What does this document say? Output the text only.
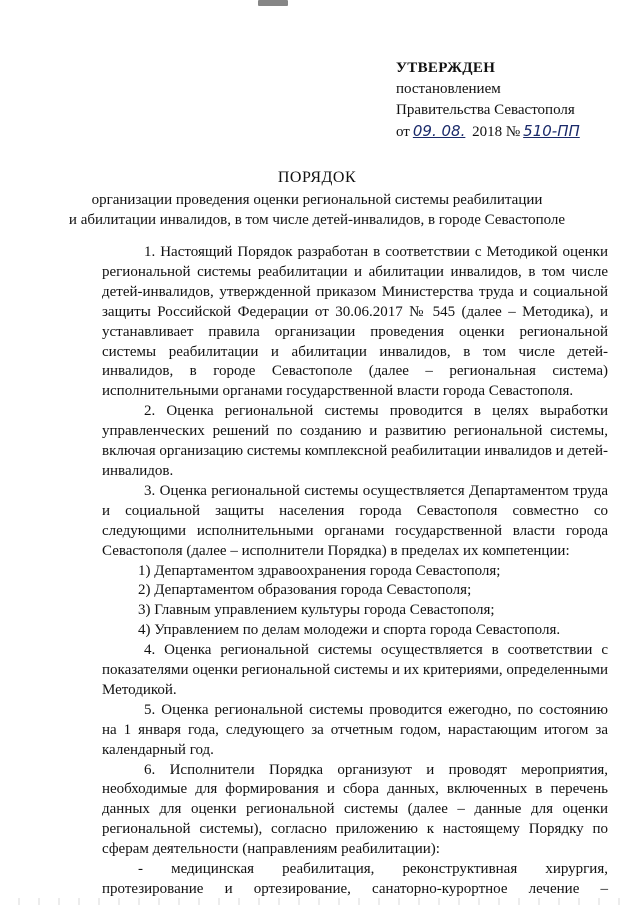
УТВЕРЖДЕН
постановлением
Правительства Севастополя
от 09. 08. 2018 № 510-ПП
ПОРЯДОК
организации проведения оценки региональной системы реабилитации
и абилитации инвалидов, в том числе детей-инвалидов, в городе Севастополе

1. Настоящий Порядок разработан в соответствии с Методикой оценки региональной системы реабилитации и абилитации инвалидов, в том числе детей-инвалидов, утвержденной приказом Министерства труда и социальной защиты Российской Федерации от 30.06.2017 № 545 (далее – Методика), и устанавливает правила организации проведения оценки региональной системы реабилитации и абилитации инвалидов, в том числе детей-инвалидов, в городе Севастополе (далее – региональная система) исполнительными органами государственной власти города Севастополя.

2. Оценка региональной системы проводится в целях выработки управленческих решений по созданию и развитию региональной системы, включая организацию системы комплексной реабилитации инвалидов и детей-инвалидов.

3. Оценка региональной системы осуществляется Департаментом труда и социальной защиты населения города Севастополя совместно со следующими исполнительными органами государственной власти города Севастополя (далее – исполнители Порядка) в пределах их компетенции:

1) Департаментом здравоохранения города Севастополя;

2) Департаментом образования города Севастополя;

3) Главным управлением культуры города Севастополя;

4) Управлением по делам молодежи и спорта города Севастополя.

4. Оценка региональной системы осуществляется в соответствии с показателями оценки региональной системы и их критериями, определенными Методикой.

5. Оценка региональной системы проводится ежегодно, по состоянию на 1 января года, следующего за отчетным годом, нарастающим итогом за календарный год.

6. Исполнители Порядка организуют и проводят мероприятия, необходимые для формирования и сбора данных, включенных в перечень данных для оценки региональной системы (далее – данные для оценки региональной системы), согласно приложению к настоящему Порядку по сферам деятельности (направлениям реабилитации):

- медицинская реабилитация, реконструктивная хирургия, протезирование и ортезирование, санаторно-курортное лечение –
